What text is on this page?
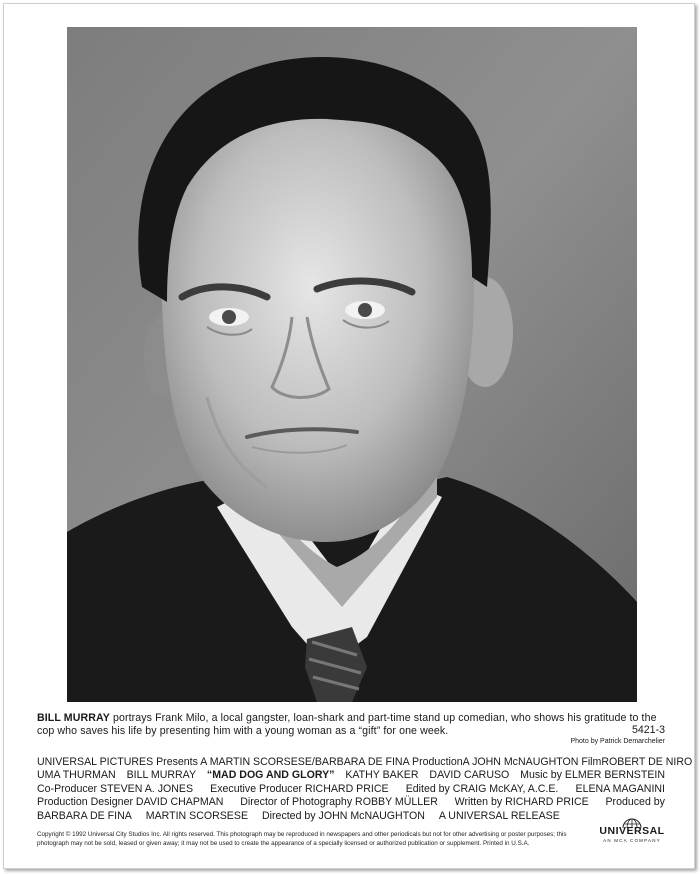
BILL MURRAY portrays Frank Milo, a local gangster, loan-shark and part-time stand up comedian, who shows his gratitude to the cop who saves his life by presenting him with a young woman as a “gift” for one week.	5421-3
Photo by Patrick Demarchelier
UNIVERSAL PICTURES Presents A MARTIN SCORSESE/BARBARA DE FINA Production A JOHN McNAUGHTON Film ROBERT DE NIRO
UMA THURMAN BILL MURRAY “MAD DOG AND GLORY” KATHY BAKER DAVID CARUSO Music by ELMER BERNSTEIN
Co-Producer STEVEN A. JONES Executive Producer RICHARD PRICE Edited by CRAIG McKAY, A.C.E. ELENA MAGANINI
Production Designer DAVID CHAPMAN Director of Photography ROBBY MÜLLER Written by RICHARD PRICE Produced by
BARBARA DE FINA MARTIN SCORSESE Directed by JOHN McNAUGHTON A UNIVERSAL RELEASE
Copyright © 1992 Universal City Studios Inc. All rights reserved. This photograph may be reproduced in newspapers and other periodicals but not for other advertising or poster purposes; this photograph may not be sold, leased or given away; it may not be used to create the appearance of a specially licensed or authorized publication or supplement. Printed in U.S.A.
UNIVERSAL
AN MCA COMPANY
